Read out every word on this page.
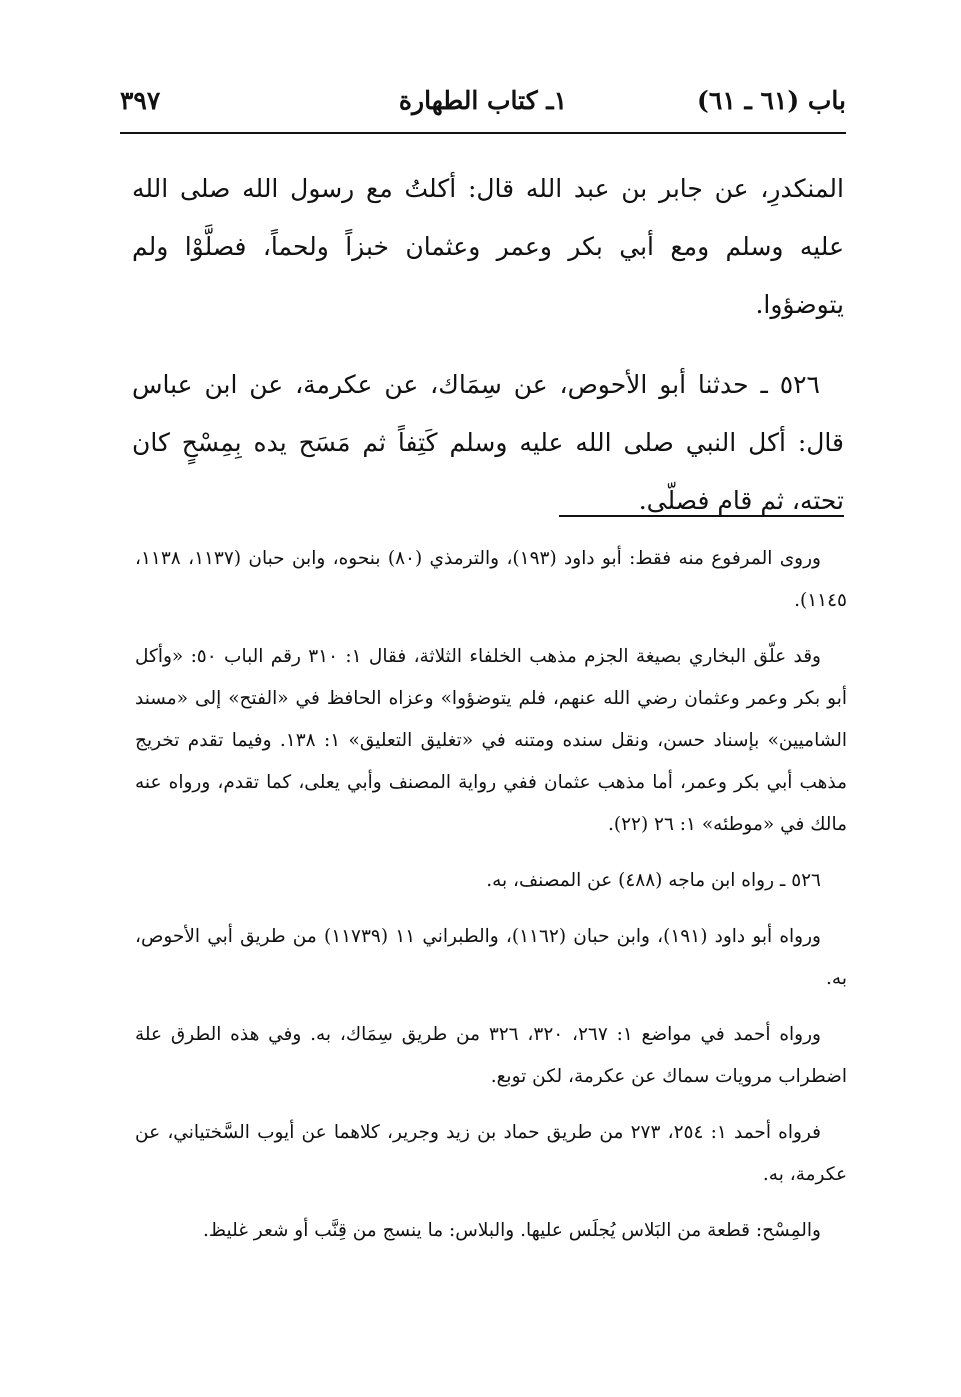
باب (٦١ ـ ٦١)
١ـ كتاب الطهارة
٣٩٧

المنكدرِ، عن جابر بن عبد الله قال: أكلتُ مع رسول الله صلى الله عليه وسلم ومع أبي بكر وعمر وعثمان خبزاً ولحماً، فصلَّوْا ولم يتوضؤوا.

٥٢٦ ـ حدثنا أبو الأحوص، عن سِمَاك، عن عكرمة، عن ابن عباس قال: أكل النبي صلى الله عليه وسلم كَتِفاً ثم مَسَح يده بِمِسْحٍ كان تحته، ثم قام فصلّى.

وروى المرفوع منه فقط: أبو داود (١٩٣)، والترمذي (٨٠) بنحوه، وابن حبان (١١٣٧، ١١٣٨، ١١٤٥).

وقد علّق البخاري بصيغة الجزم مذهب الخلفاء الثلاثة، فقال ١: ٣١٠ رقم الباب ٥٠: «وأكل أبو بكر وعمر وعثمان رضي الله عنهم، فلم يتوضؤوا» وعزاه الحافظ في «الفتح» إلى «مسند الشاميين» بإسناد حسن، ونقل سنده ومتنه في «تغليق التعليق» ١: ١٣٨. وفيما تقدم تخريج مذهب أبي بكر وعمر، أما مذهب عثمان ففي رواية المصنف وأبي يعلى، كما تقدم، ورواه عنه مالك في «موطئه» ١: ٢٦ (٢٢).

٥٢٦ ـ رواه ابن ماجه (٤٨٨) عن المصنف، به.

ورواه أبو داود (١٩١)، وابن حبان (١١٦٢)، والطبراني ١١ (١١٧٣٩) من طريق أبي الأحوص، به.

ورواه أحمد في مواضع ١: ٢٦٧، ٣٢٠، ٣٢٦ من طريق سِمَاك، به. وفي هذه الطرق علة اضطراب مرويات سماك عن عكرمة، لكن توبع.

فرواه أحمد ١: ٢٥٤، ٢٧٣ من طريق حماد بن زيد وجرير، كلاهما عن أيوب السَّختياني، عن عكرمة، به.

والمِسْح: قطعة من البَلاس يُجلَس عليها. والبلاس: ما ينسج من قِنَّب أو شعر غليظ.
